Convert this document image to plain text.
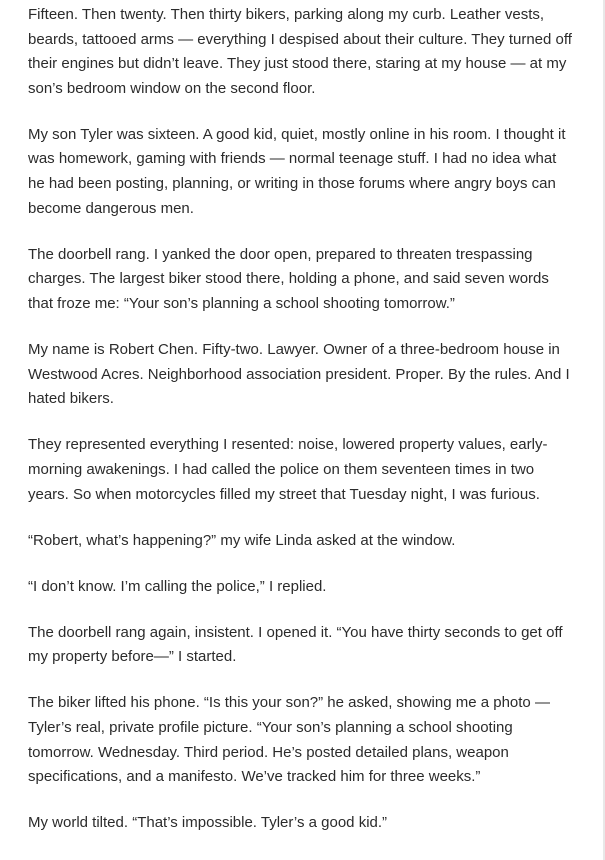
Fifteen. Then twenty. Then thirty bikers, parking along my curb. Leather vests, beards, tattooed arms — everything I despised about their culture. They turned off their engines but didn’t leave. They just stood there, staring at my house — at my son’s bedroom window on the second floor.

My son Tyler was sixteen. A good kid, quiet, mostly online in his room. I thought it was homework, gaming with friends — normal teenage stuff. I had no idea what he had been posting, planning, or writing in those forums where angry boys can become dangerous men.

The doorbell rang. I yanked the door open, prepared to threaten trespassing charges. The largest biker stood there, holding a phone, and said seven words that froze me: “Your son’s planning a school shooting tomorrow.”

My name is Robert Chen. Fifty-two. Lawyer. Owner of a three-bedroom house in Westwood Acres. Neighborhood association president. Proper. By the rules. And I hated bikers.

They represented everything I resented: noise, lowered property values, early-morning awakenings. I had called the police on them seventeen times in two years. So when motorcycles filled my street that Tuesday night, I was furious.

“Robert, what’s happening?” my wife Linda asked at the window.

“I don’t know. I’m calling the police,” I replied.

The doorbell rang again, insistent. I opened it. “You have thirty seconds to get off my property before—” I started.

The biker lifted his phone. “Is this your son?” he asked, showing me a photo — Tyler’s real, private profile picture. “Your son’s planning a school shooting tomorrow. Wednesday. Third period. He’s posted detailed plans, weapon specifications, and a manifesto. We’ve tracked him for three weeks.”

My world tilted. “That’s impossible. Tyler’s a good kid.”
